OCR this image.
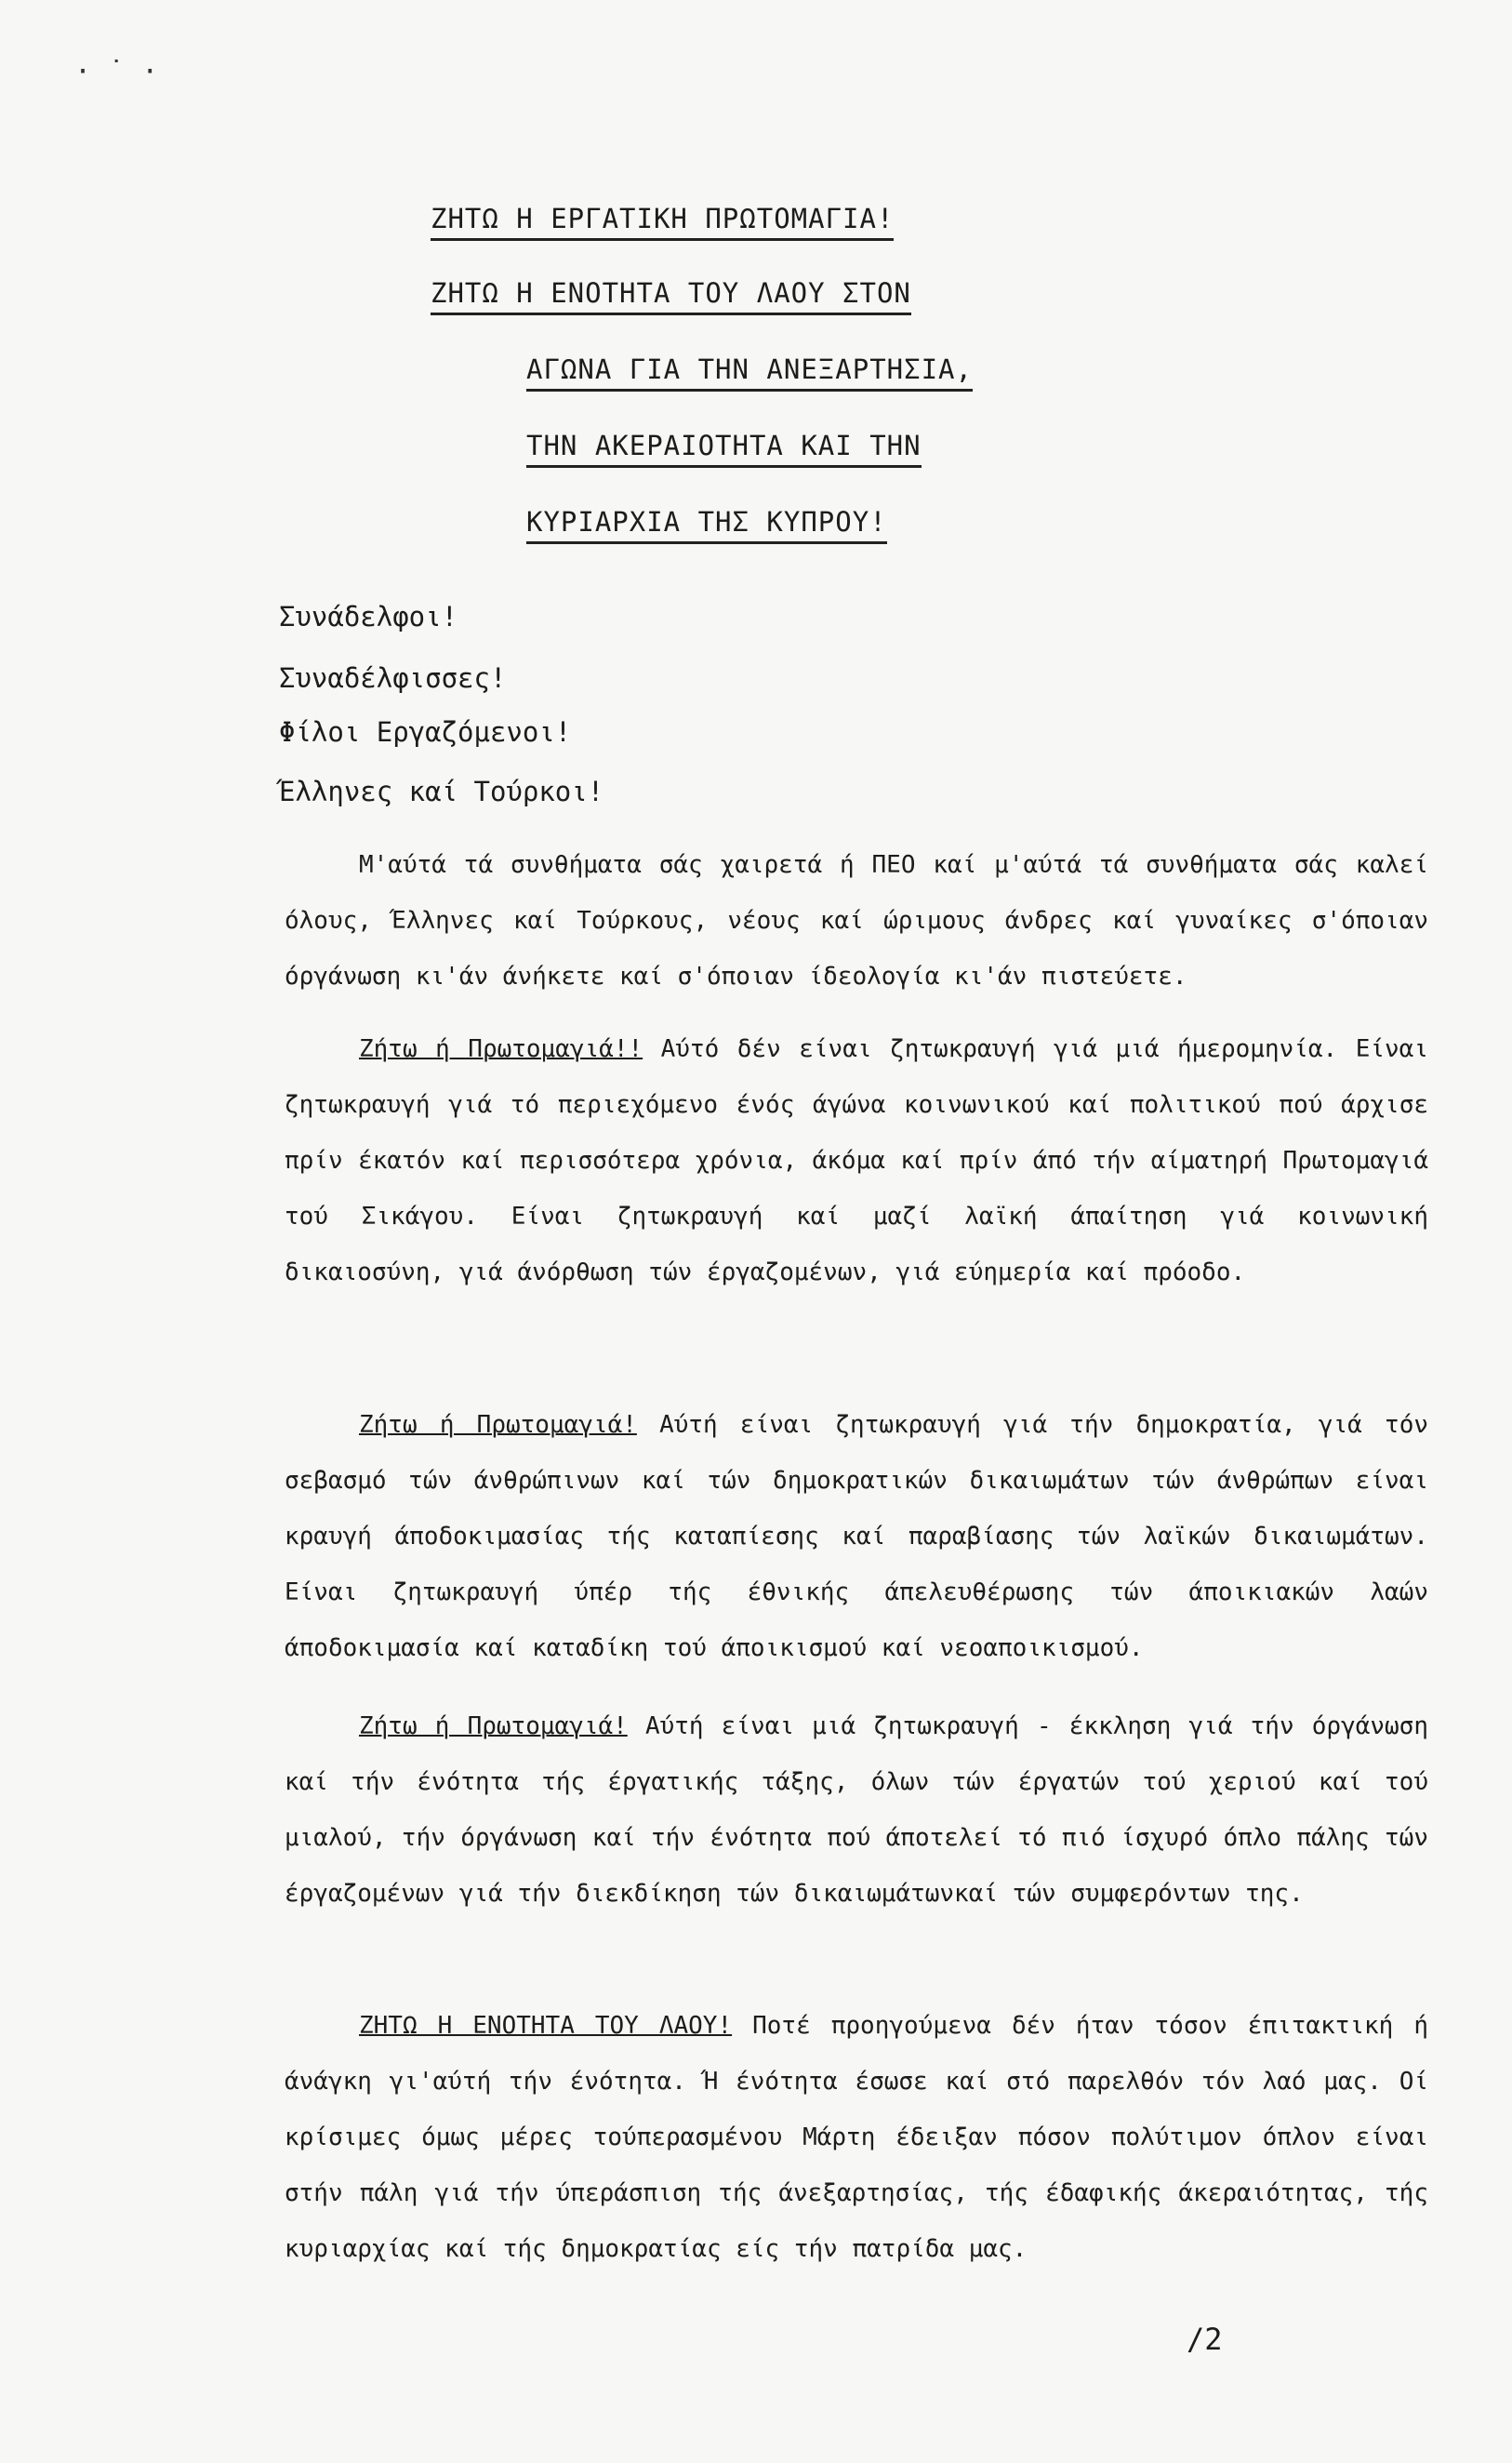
· ˙ ·
ΖΗΤΩ Η ΕΡΓΑΤΙΚΗ ΠΡΩΤΟΜΑΓΙΑ!
ΖΗΤΩ Η ΕΝΟΤΗΤΑ ΤΟΥ ΛΑΟΥ ΣΤΟΝ
ΑΓΩΝΑ ΓΙΑ ΤΗΝ ΑΝΕΞΑΡΤΗΣΙΑ,
ΤΗΝ ΑΚΕΡΑΙΟΤΗΤΑ ΚΑΙ ΤΗΝ
ΚΥΡΙΑΡΧΙΑ ΤΗΣ ΚΥΠΡΟΥ!
Συνάδελφοι!
Συναδέλφισσες!
Φίλοι Εργαζόμενοι!
Έλληνες καί Τούρκοι!
Μ'αύτά τά συνθήματα σάς χαιρετά ή ΠΕΟ καί μ'αύτά τά συνθήματα σάς καλεί όλους, Έλληνες καί Τούρκους, νέους καί ώριμους άνδρες καί γυναίκες σ'όποιαν όργάνωση κι'άν άνήκετε καί σ'όποιαν ίδεολογία κι'άν πιστεύετε.
Ζήτω ή Πρωτομαγιά!! Αύτό δέν είναι ζητωκραυγή γιά μιά ήμερομηνία. Είναι ζητωκραυγή γιά τό περιεχόμενο ένός άγώνα κοινωνικού καί πολιτικού πού άρχισε πρίν έκατόν καί περισσότερα χρόνια, άκόμα καί πρίν άπό τήν αίματηρή Πρωτομαγιά τού Σικάγου. Είναι ζητωκραυγή καί μαζί λαϊκή άπαίτηση γιά κοινωνική δικαιοσύνη, γιά άνόρθωση τών έργαζομένων, γιά εύημερία καί πρόοδο.
Ζήτω ή Πρωτομαγιά! Αύτή είναι ζητωκραυγή γιά τήν δημοκρατία, γιά τόν σεβασμό τών άνθρώπινων καί τών δημοκρατικών δικαιωμάτων τών άνθρώπων είναι κραυγή άποδοκιμασίας τής καταπίεσης καί παραβίασης τών λαϊκών δικαιωμάτων. Είναι ζητωκραυγή ύπέρ τής έθνικής άπελευθέρωσης τών άποικιακών λαών άποδοκιμασία καί καταδίκη τού άποικισμού καί νεοαποικισμού.
Ζήτω ή Πρωτομαγιά! Αύτή είναι μιά ζητωκραυγή - έκκληση γιά τήν όργάνωση καί τήν ένότητα τής έργατικής τάξης, όλων τών έργατών τού χεριού καί τού μιαλού, τήν όργάνωση καί τήν ένότητα πού άποτελεί τό πιό ίσχυρό όπλο πάλης τών έργαζομένων γιά τήν διεκδίκηση τών δικαιωμάτωνκαί τών συμφερόντων της.
ΖΗΤΩ Η ΕΝΟΤΗΤΑ ΤΟΥ ΛΑΟΥ! Ποτέ προηγούμενα δέν ήταν τόσον έπιτακτική ή άνάγκη γι'αύτή τήν ένότητα. Ή ένότητα έσωσε καί στό παρελθόν τόν λαό μας. Οί κρίσιμες όμως μέρες τούπερασμένου Μάρτη έδειξαν πόσον πολύτιμον όπλον είναι στήν πάλη γιά τήν ύπεράσπιση τής άνεξαρτησίας, τής έδαφικής άκεραιότητας, τής κυριαρχίας καί τής δημοκρατίας είς τήν πατρίδα μας.
/2
